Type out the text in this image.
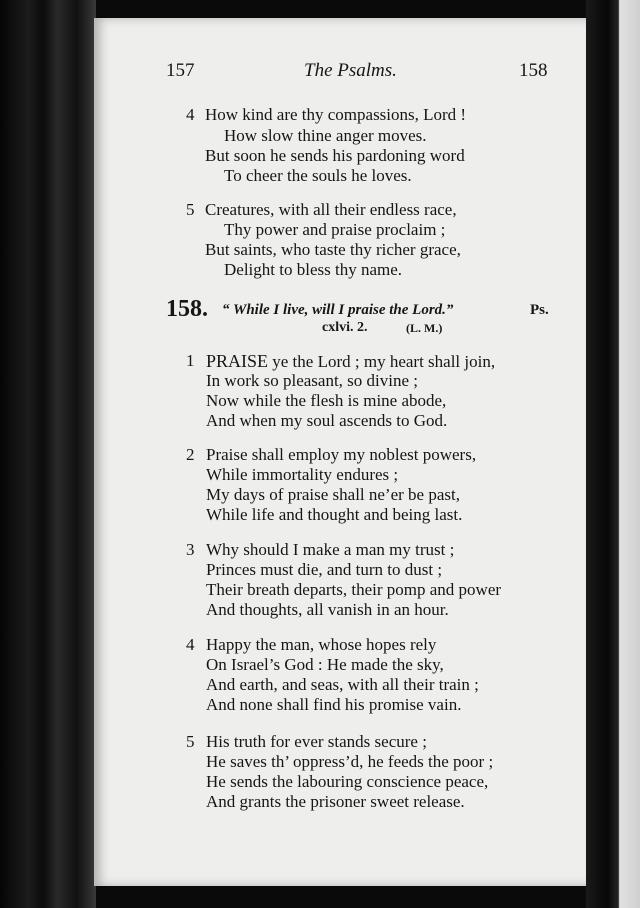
157	The Psalms.	158
4 How kind are thy compassions, Lord !
How slow thine anger moves.
But soon he sends his pardoning word
To cheer the souls he loves.
5 Creatures, with all their endless race,
Thy power and praise proclaim ;
But saints, who taste thy richer grace,
Delight to bless thy name.
158. “ While I live, will I praise the Lord.”	Ps.
cxlvi. 2.	(L. M.)
1 PRAISE ye the Lord ; my heart shall join,
In work so pleasant, so divine ;
Now while the flesh is mine abode,
And when my soul ascends to God.
2 Praise shall employ my noblest powers,
While immortality endures ;
My days of praise shall ne’er be past,
While life and thought and being last.
3 Why should I make a man my trust ;
Princes must die, and turn to dust ;
Their breath departs, their pomp and power
And thoughts, all vanish in an hour.
4 Happy the man, whose hopes rely
On Israel’s God : He made the sky,
And earth, and seas, with all their train ;
And none shall find his promise vain.
5 His truth for ever stands secure ;
He saves th’ oppress’d, he feeds the poor ;
He sends the labouring conscience peace,
And grants the prisoner sweet release.
